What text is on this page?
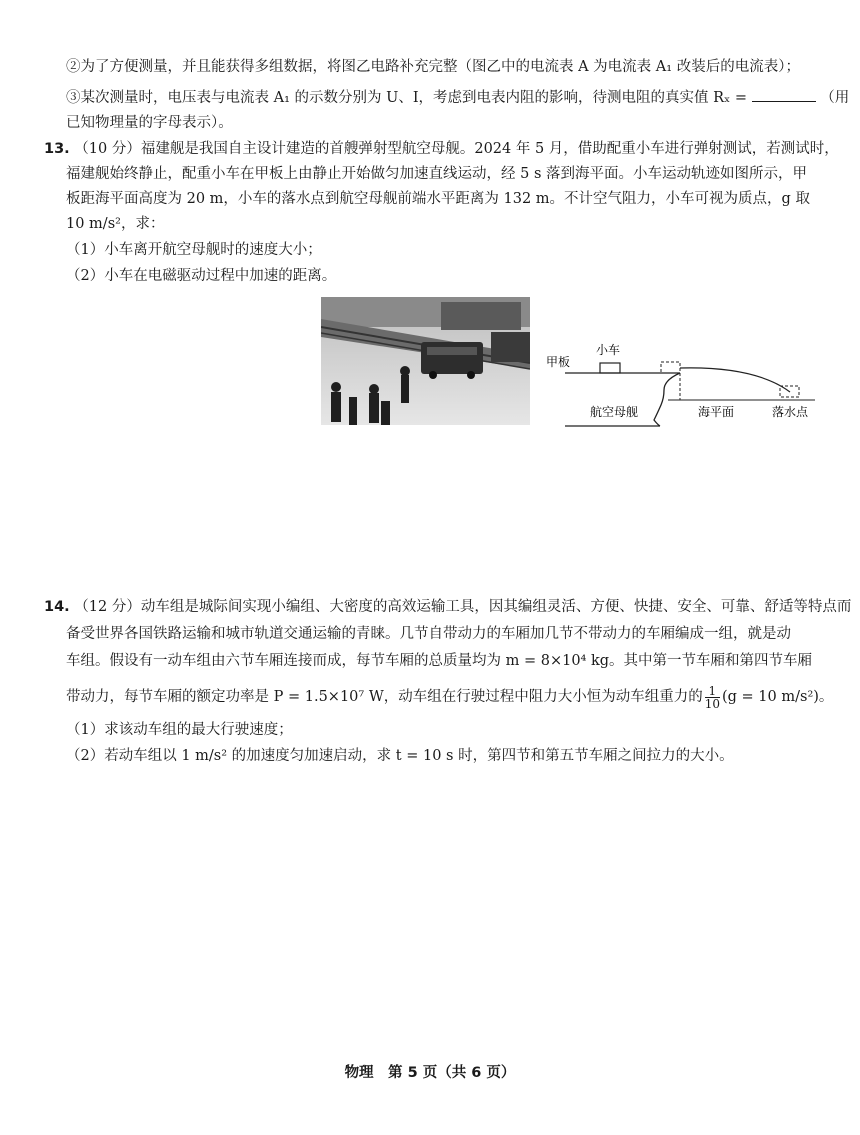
②为了方便测量，并且能获得多组数据，将图乙电路补充完整（图乙中的电流表 A 为电流表 A₁ 改装后的电流表）；
③某次测量时，电压表与电流表 A₁ 的示数分别为 U、I，考虑到电表内阻的影响，待测电阻的真实值 Rₓ =	（用
已知物理量的字母表示）。
13. （10 分）福建舰是我国自主设计建造的首艘弹射型航空母舰。2024 年 5 月，借助配重小车进行弹射测试，若测试时，
福建舰始终静止，配重小车在甲板上由静止开始做匀加速直线运动，经 5 s 落到海平面。小车运动轨迹如图所示，甲
板距海平面高度为 20 m，小车的落水点到航空母舰前端水平距离为 132 m。不计空气阻力，小车可视为质点，g 取
10 m/s²，求：
（1）小车离开航空母舰时的速度大小；
（2）小车在电磁驱动过程中加速的距离。
甲板
小车
航空母舰	海平面	落水点
14. （12 分）动车组是城际间实现小编组、大密度的高效运输工具，因其编组灵活、方便、快捷、安全、可靠、舒适等特点而
备受世界各国铁路运输和城市轨道交通运输的青睐。几节自带动力的车厢加几节不带动力的车厢编成一组，就是动
车组。假设有一动车组由六节车厢连接而成，每节车厢的总质量均为 m = 8×10⁴ kg。其中第一节车厢和第四节车厢
带动力，每节车厢的额定功率是 P = 1.5×10⁷ W，动车组在行驶过程中阻力大小恒为动车组重力的 $\frac{1}{10} (g = 10$ m/s²)。
（1）求该动车组的最大行驶速度；
（2）若动车组以 1 m/s² 的加速度匀加速启动，求 t = 10 s 时，第四节和第五节车厢之间拉力的大小。
物理　第 5 页（共 6 页）
